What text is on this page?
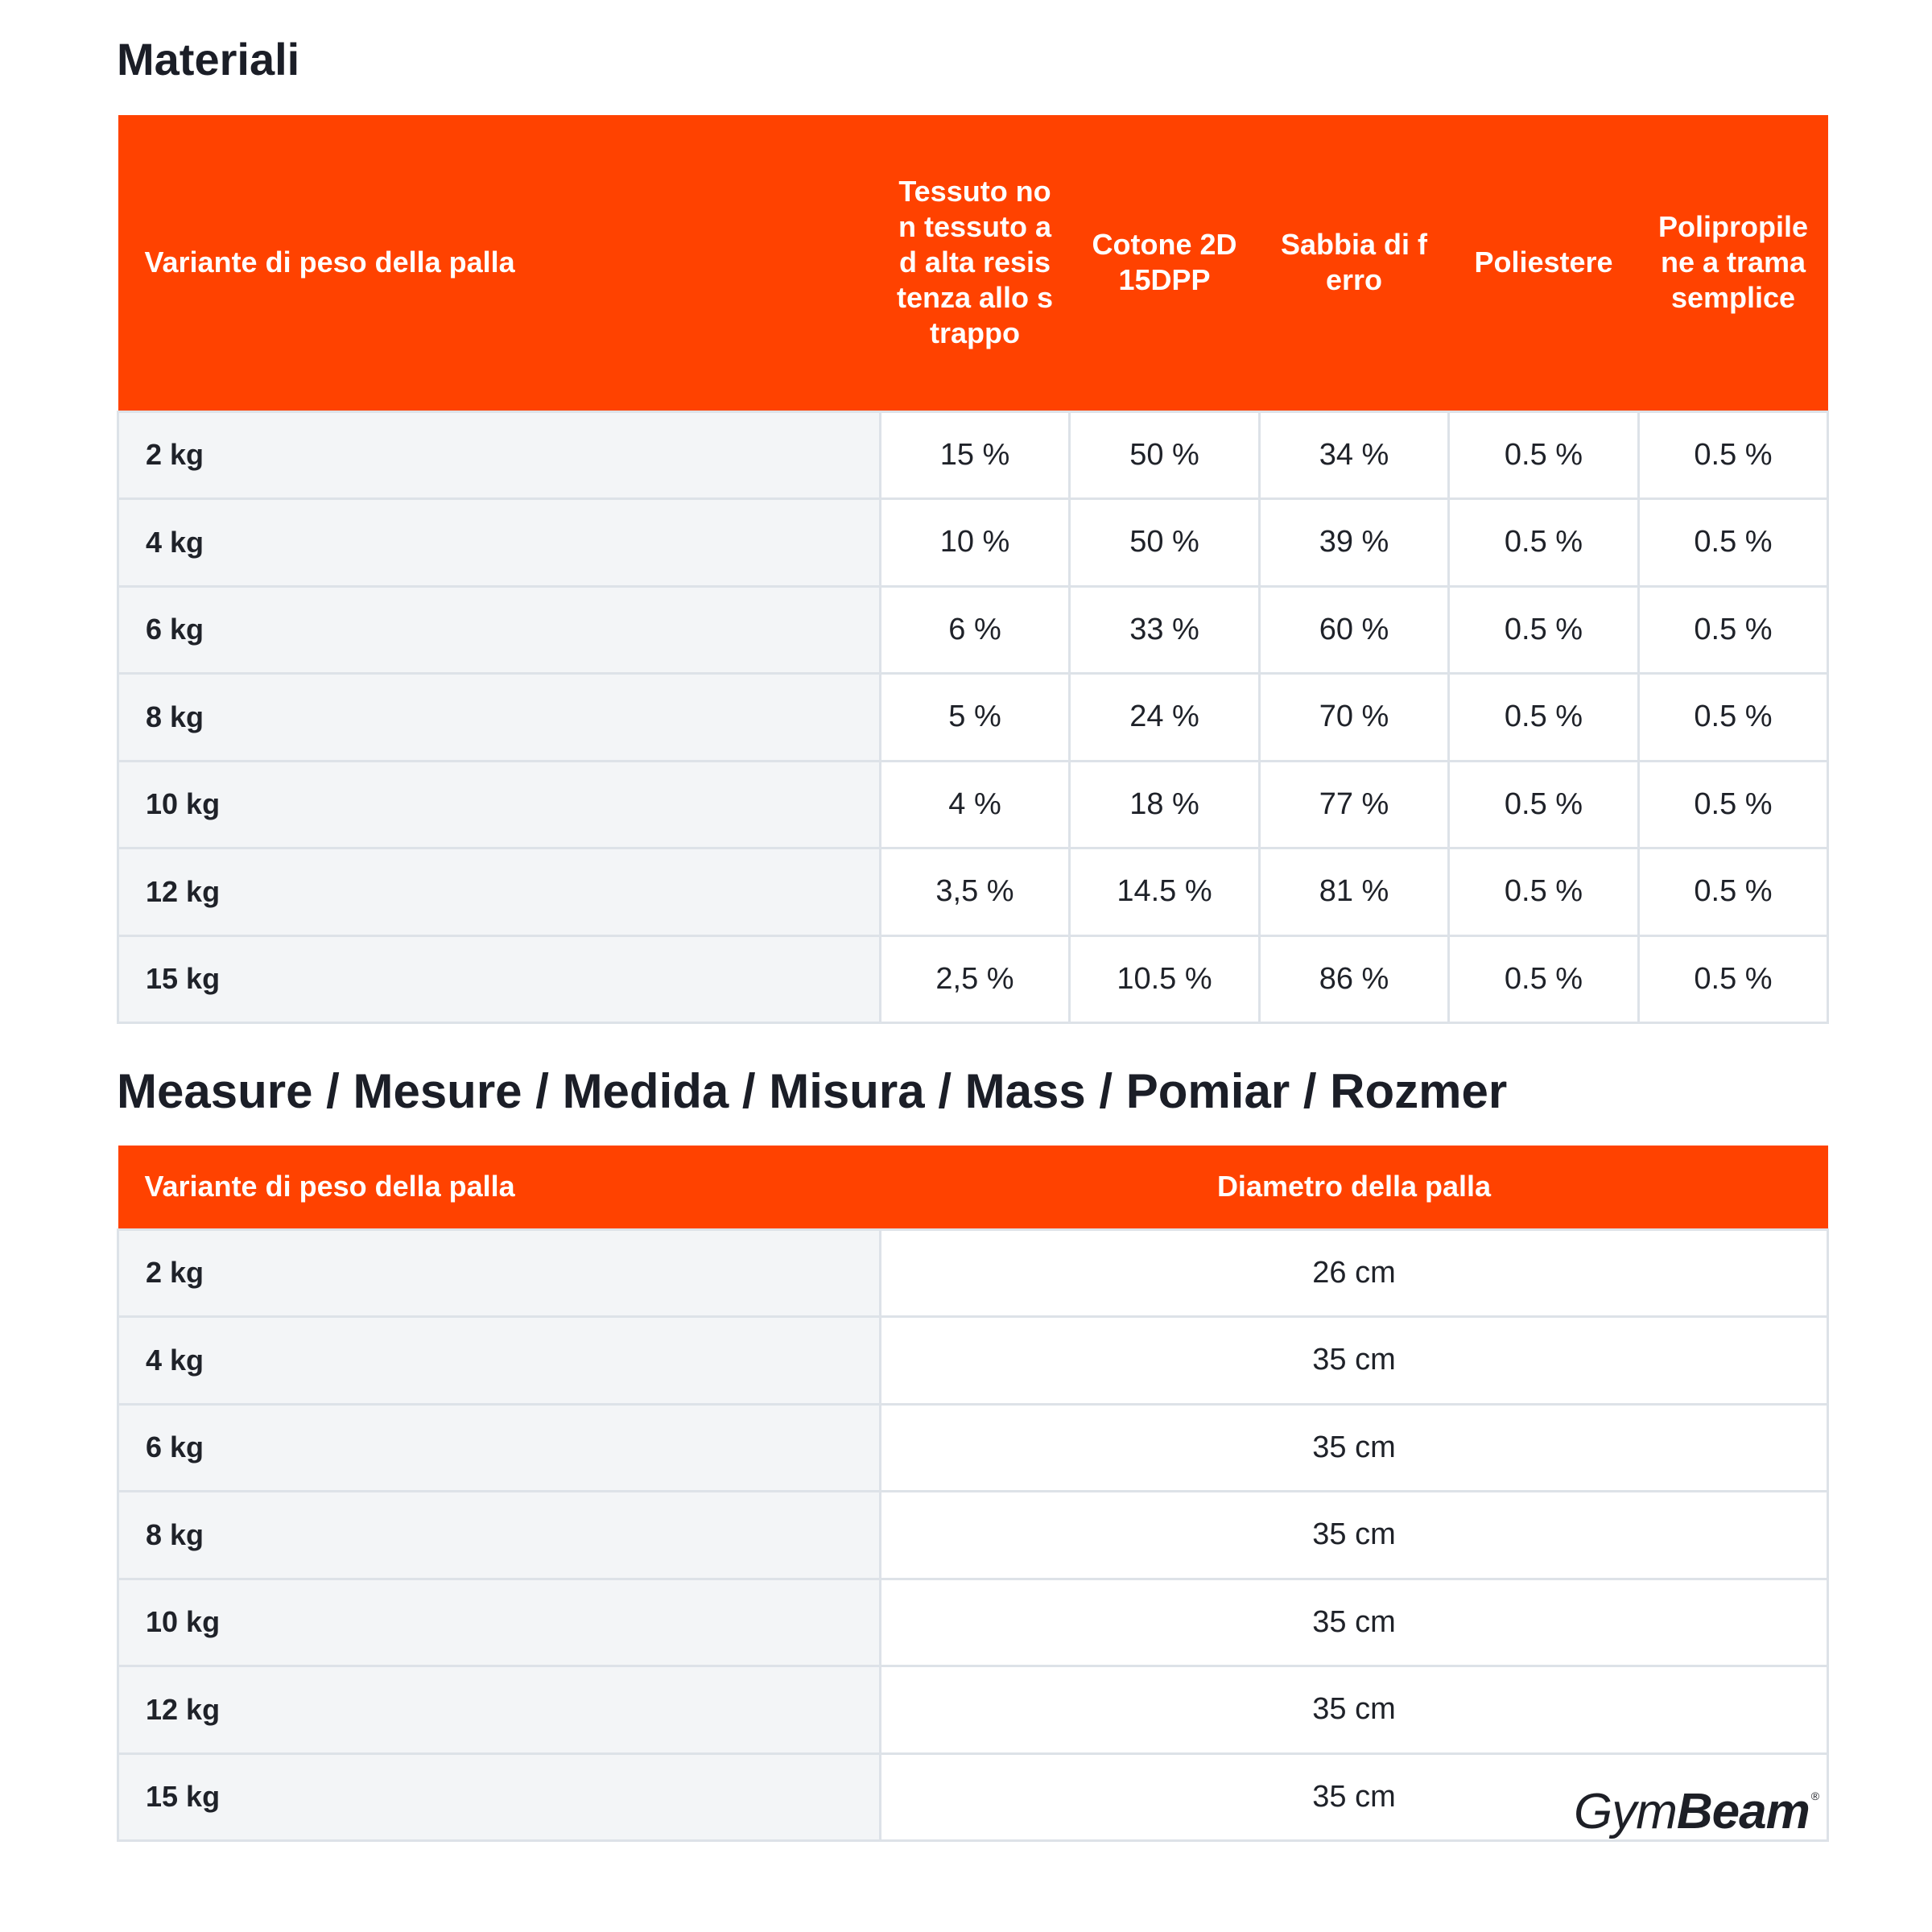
Materiali
Variante di peso della palla	Tessuto non tessuto ad alta resistenza allo strappo	Cotone 2D 15DPP	Sabbia di ferro	Poliestere	Polipropilene a trama semplice
2 kg	15 %	50 %	34 %	0.5 %	0.5 %
4 kg	10 %	50 %	39 %	0.5 %	0.5 %
6 kg	6 %	33 %	60 %	0.5 %	0.5 %
8 kg	5 %	24 %	70 %	0.5 %	0.5 %
10 kg	4 %	18 %	77 %	0.5 %	0.5 %
12 kg	3,5 %	14.5 %	81 %	0.5 %	0.5 %
15 kg	2,5 %	10.5 %	86 %	0.5 %	0.5 %
Measure / Mesure / Medida / Misura / Mass / Pomiar / Rozmer
Variante di peso della palla	Diametro della palla
2 kg	26 cm
4 kg	35 cm
6 kg	35 cm
8 kg	35 cm
10 kg	35 cm
12 kg	35 cm
15 kg	35 cm	GymBeam ®
